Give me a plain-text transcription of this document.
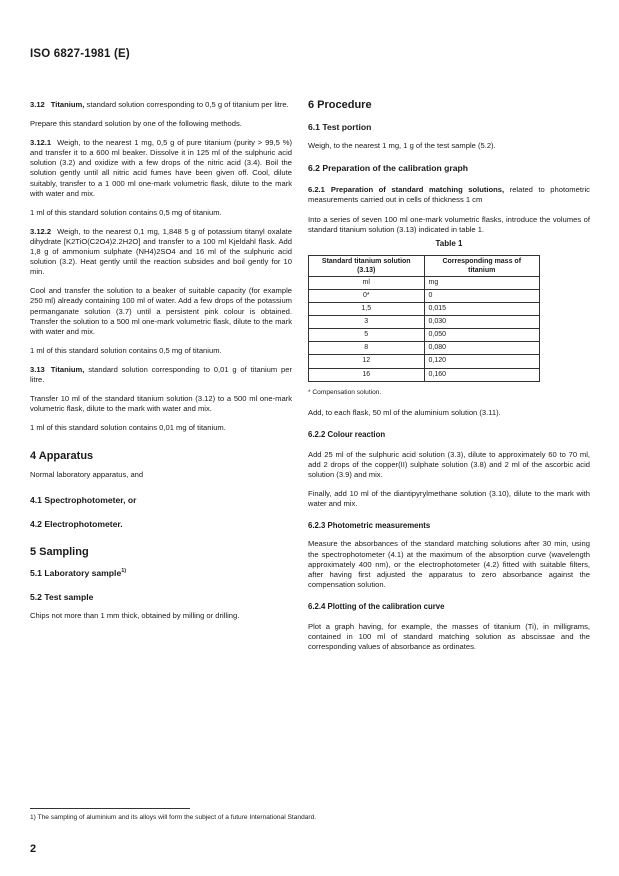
ISO 6827-1981 (E)

3.12 Titanium, standard solution corresponding to 0,5 g of titanium per litre.

Prepare this standard solution by one of the following methods.

3.12.1 Weigh, to the nearest 1 mg, 0,5 g of pure titanium (purity > 99,5 %) and transfer it to a 600 ml beaker. Dissolve it in 125 ml of the sulphuric acid solution (3.2) and oxidize with a few drops of the nitric acid (3.4). Boil the solution gently until all nitric acid fumes have been given off. Cool, dilute suitably, transfer to a 1 000 ml one-mark volumetric flask, dilute to the mark with water and mix.

1 ml of this standard solution contains 0,5 mg of titanium.

3.12.2 Weigh, to the nearest 0,1 mg, 1,848 5 g of potassium titanyl oxalate dihydrate [K2TiO(C2O4)2.2H2O] and transfer to a 100 ml Kjeldahl flask. Add 1,8 g of ammonium sulphate (NH4)2SO4 and 16 ml of the sulphuric acid solution (3.2). Heat gently until the reaction subsides and boil gently for 10 min.

Cool and transfer the solution to a beaker of suitable capacity (for example 250 ml) already containing 100 ml of water. Add a few drops of the potassium permanganate solution (3.7) until a persistent pink colour is obtained. Transfer the solution to a 500 ml one-mark volumetric flask, dilute to the mark with water and mix.

1 ml of this standard solution contains 0,5 mg of titanium.

3.13 Titanium, standard solution corresponding to 0,01 g of titanium per litre.

Transfer 10 ml of the standard titanium solution (3.12) to a 500 ml one-mark volumetric flask, dilute to the mark with water and mix.

1 ml of this standard solution contains 0,01 mg of titanium.

4 Apparatus

Normal laboratory apparatus, and

4.1 Spectrophotometer, or
4.2 Electrophotometer.
5 Sampling
5.1 Laboratory sample$^{1)}$
5.2 Test sample

Chips not more than 1 mm thick, obtained by milling or drilling.

6 Procedure
6.1 Test portion

Weigh, to the nearest 1 mg, 1 g of the test sample (5.2).

6.2 Preparation of the calibration graph

6.2.1 Preparation of standard matching solutions, related to photometric measurements carried out in cells of thickness 1 cm

Into a series of seven 100 ml one-mark volumetric flasks, introduce the volumes of standard titanium solution (3.13) indicated in table 1.

Table 1
Standard titanium solution (3.13)	Corresponding mass of titanium
ml	mg
0*	0
1,5	0,015
3	0,030
5	0,050
8	0,080
12	0,120
16	0,160
* Compensation solution.

Add, to each flask, 50 ml of the aluminium solution (3.11).

6.2.2 Colour reaction

Add 25 ml of the sulphuric acid solution (3.3), dilute to approximately 60 to 70 ml, add 2 drops of the copper(II) sulphate solution (3.8) and 2 ml of the ascorbic acid solution (3.9) and mix.

Finally, add 10 ml of the diantipyrylmethane solution (3.10), dilute to the mark with water and mix.

6.2.3 Photometric measurements

Measure the absorbances of the standard matching solutions after 30 min, using the spectrophotometer (4.1) at the maximum of the absorption curve (wavelength approximately 400 nm), or the electrophotometer (4.2) fitted with suitable filters, after having first adjusted the apparatus to zero absorbance against the compensation solution.

6.2.4 Plotting of the calibration curve

Plot a graph having, for example, the masses of titanium (Ti), in milligrams, contained in 100 ml of standard matching solution as abscissae and the corresponding values of absorbance as ordinates.

1) The sampling of aluminium and its alloys will form the subject of a future International Standard.
2
